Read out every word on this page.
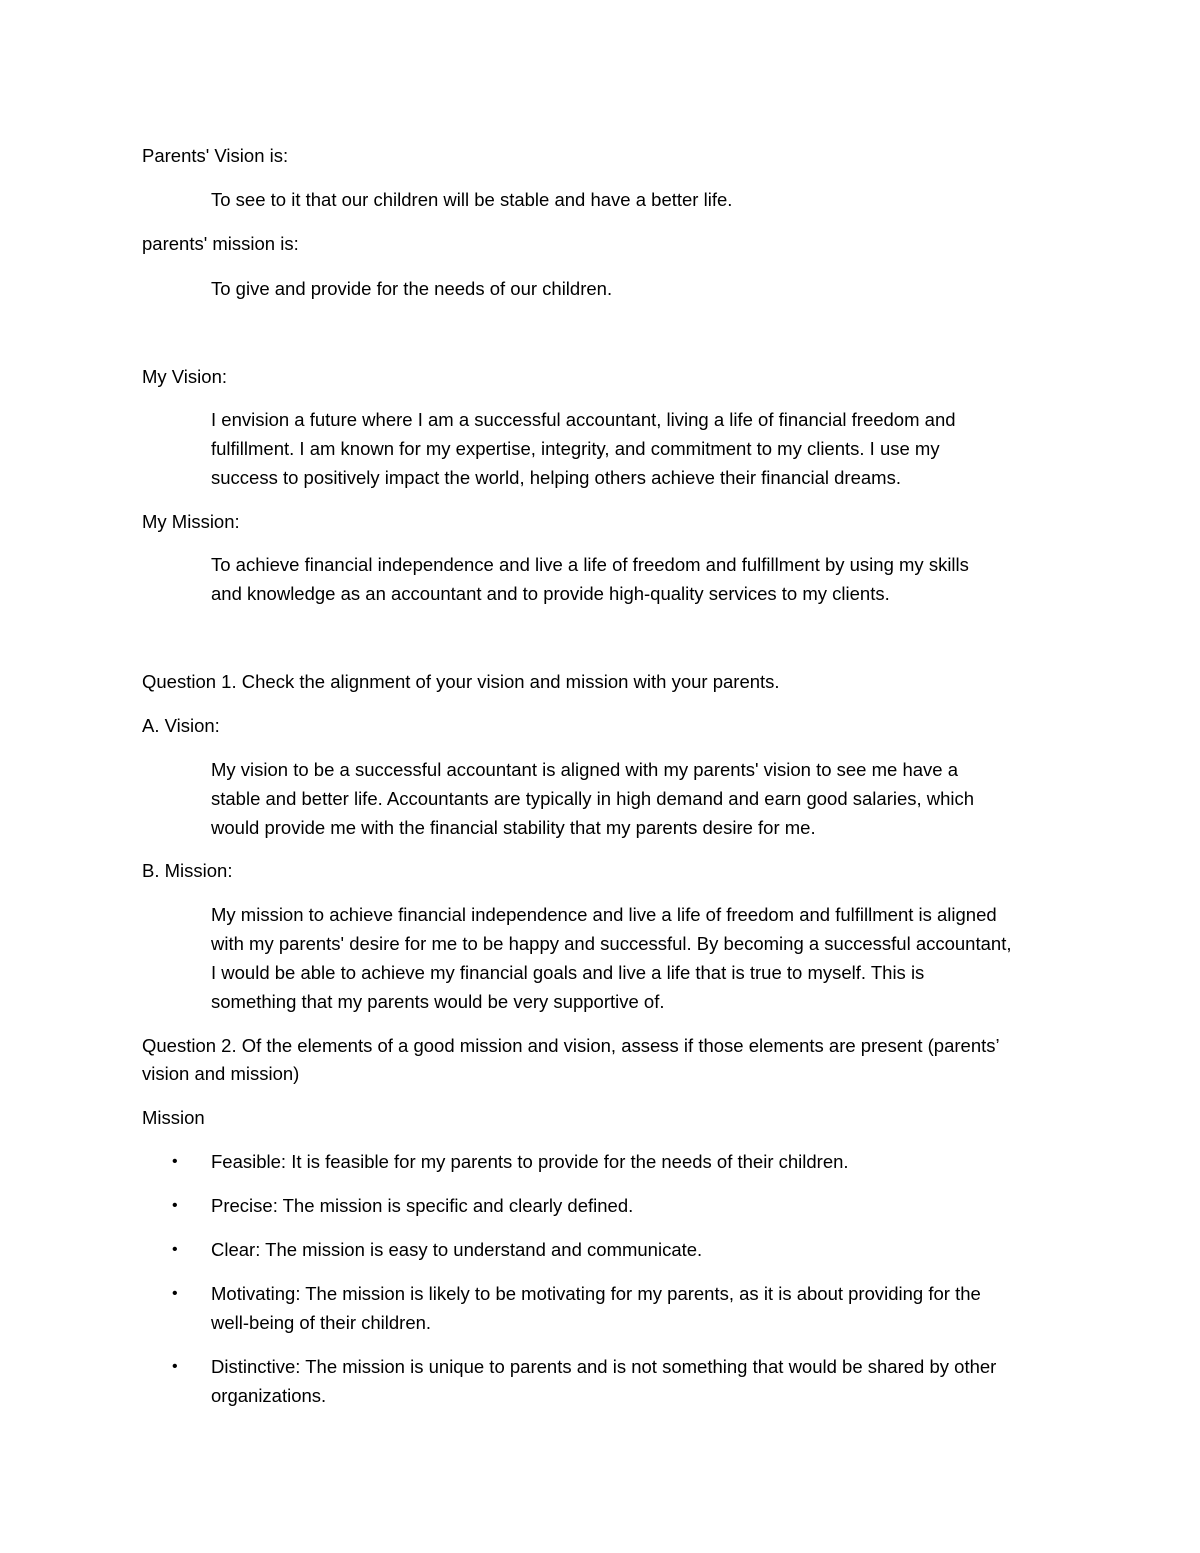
Parents' Vision is:
To see to it that our children will be stable and have a better life.
parents' mission is:
To give and provide for the needs of our children.
My Vision:
I envision a future where I am a successful accountant, living a life of financial freedom and
fulfillment. I am known for my expertise, integrity, and commitment to my clients. I use my
success to positively impact the world, helping others achieve their financial dreams.
My Mission:
To achieve financial independence and live a life of freedom and fulfillment by using my skills
and knowledge as an accountant and to provide high-quality services to my clients.
Question 1. Check the alignment of your vision and mission with your parents.
A. Vision:
My vision to be a successful accountant is aligned with my parents' vision to see me have a
stable and better life. Accountants are typically in high demand and earn good salaries, which
would provide me with the financial stability that my parents desire for me.
B. Mission:
My mission to achieve financial independence and live a life of freedom and fulfillment is aligned
with my parents' desire for me to be happy and successful. By becoming a successful accountant,
I would be able to achieve my financial goals and live a life that is true to myself. This is
something that my parents would be very supportive of.
Question 2. Of the elements of a good mission and vision, assess if those elements are present (parents’
vision and mission)
Mission
• Feasible: It is feasible for my parents to provide for the needs of their children.
• Precise: The mission is specific and clearly defined.
• Clear: The mission is easy to understand and communicate.
• Motivating: The mission is likely to be motivating for my parents, as it is about providing for the
well-being of their children.
• Distinctive: The mission is unique to parents and is not something that would be shared by other
organizations.
